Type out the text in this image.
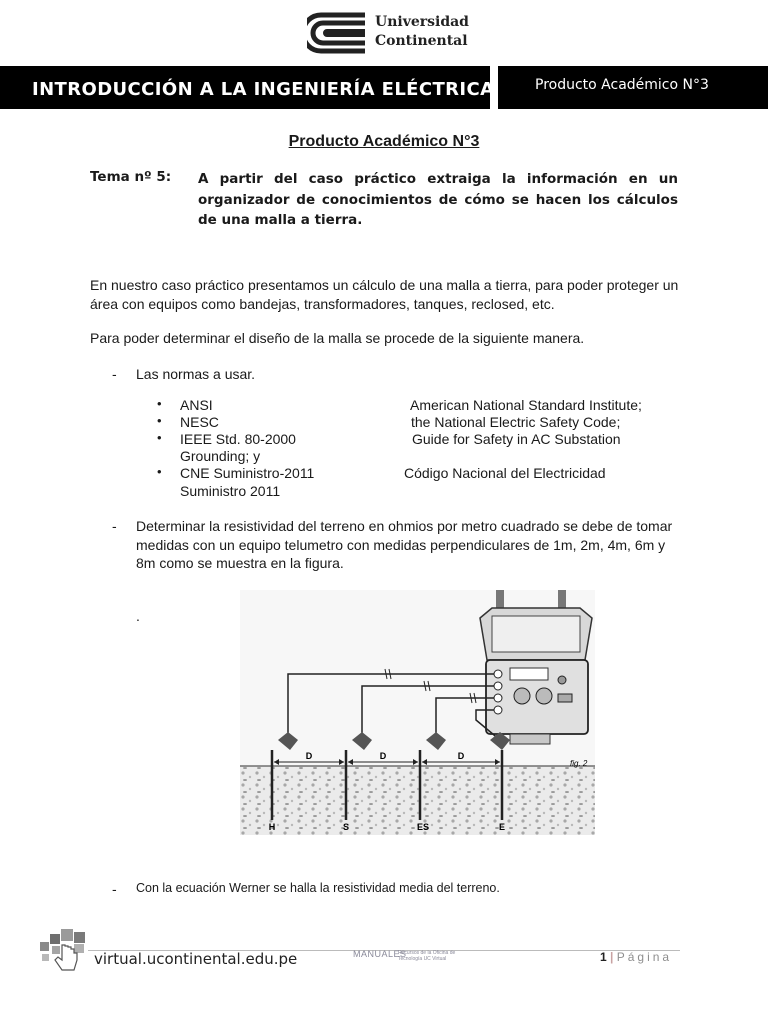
Universidad
Continental
INTRODUCCIÓN A LA INGENIERÍA ELÉCTRICA	Producto Académico N°3
Producto Académico N°3
Tema nº 5: A partir del caso práctico extraiga la información en un organizador de conocimientos de cómo se hacen los cálculos de una malla a tierra.
En nuestro caso práctico presentamos un cálculo de una malla a tierra, para poder proteger un área con equipos como bandejas, transformadores, tanques, reclosed, etc.
Para poder determinar el diseño de la malla se procede de la siguiente manera.
- Las normas a usar.
• ANSI	American National Standard Institute;
• NESC	the National Electric Safety Code;
• IEEE Std. 80-2000	Guide for Safety in AC Substation
Grounding; y
• CNE Suministro-2011	Código Nacional del Electricidad
Suministro 2011
- Determinar la resistividad del terreno en ohmios por metro cuadrado se debe de tomar medidas con un equipo telumetro con medidas perpendiculares de 1m, 2m, 4m, 6m y 8m como se muestra en la figura.
.
D	D	D
fig. 2
H	S	ES	E
- Con la ecuación Werner se halla la resistividad media del terreno.
virtual.ucontinental.edu.pe	MANUALES
Recursos de la Oficina de Tecnología UC Virtual	1 | Página
